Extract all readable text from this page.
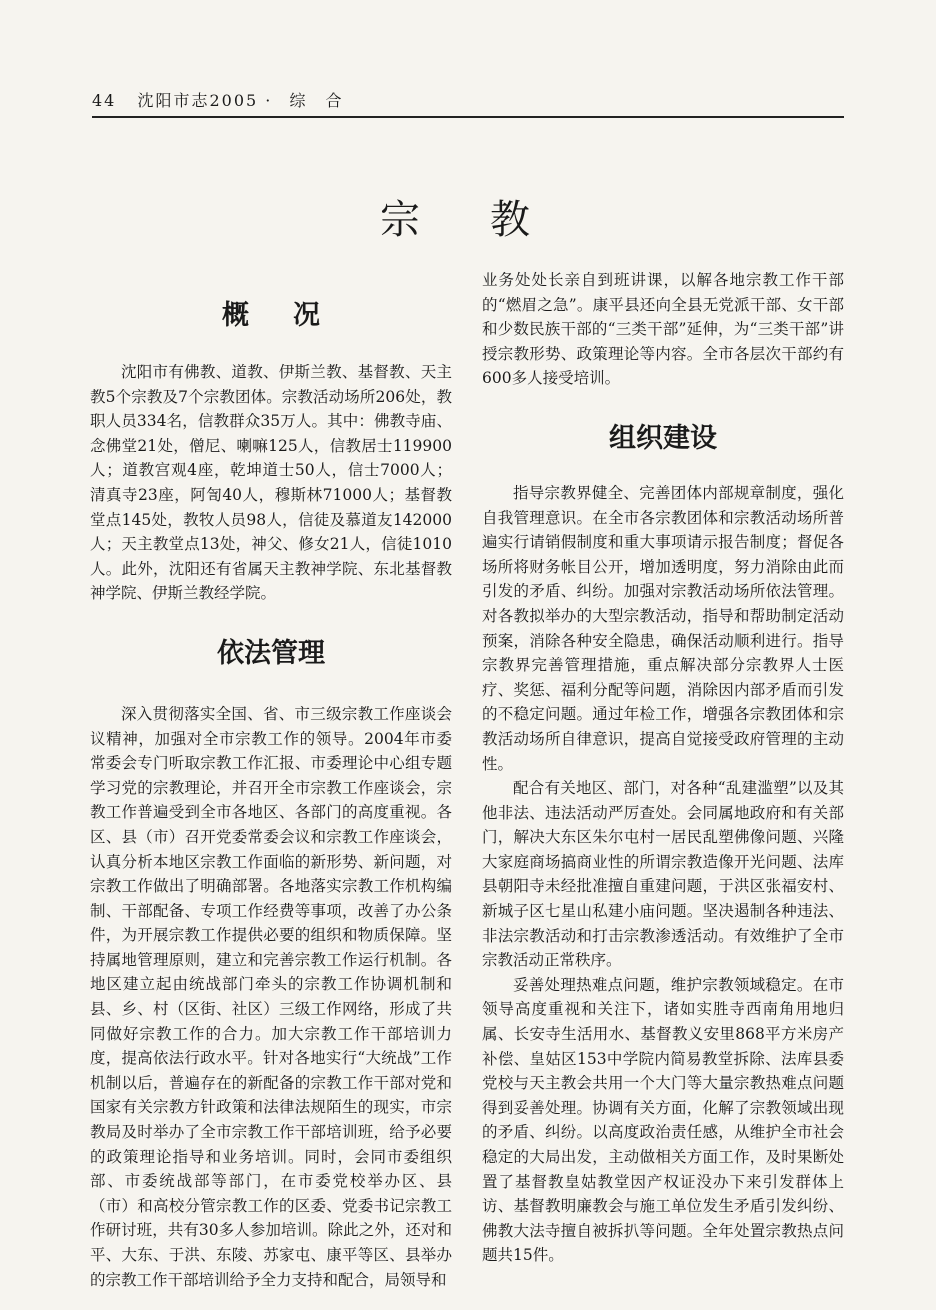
44 沈阳市志2005 · 综　合
宗教
概况

沈阳市有佛教、道教、伊斯兰教、基督教、天主教5个宗教及7个宗教团体。宗教活动场所206处，教职人员334名，信教群众35万人。其中：佛教寺庙、念佛堂21处，僧尼、喇嘛125人，信教居士119900人；道教宫观4座，乾坤道士50人，信士7000人；清真寺23座，阿訇40人，穆斯林71000人；基督教堂点145处，教牧人员98人，信徒及慕道友142000人；天主教堂点13处，神父、修女21人，信徒1010人。此外，沈阳还有省属天主教神学院、东北基督教神学院、伊斯兰教经学院。

依法管理

深入贯彻落实全国、省、市三级宗教工作座谈会议精神，加强对全市宗教工作的领导。2004年市委常委会专门听取宗教工作汇报、市委理论中心组专题学习党的宗教理论，并召开全市宗教工作座谈会，宗教工作普遍受到全市各地区、各部门的高度重视。各区、县（市）召开党委常委会议和宗教工作座谈会，认真分析本地区宗教工作面临的新形势、新问题，对宗教工作做出了明确部署。各地落实宗教工作机构编制、干部配备、专项工作经费等事项，改善了办公条件，为开展宗教工作提供必要的组织和物质保障。坚持属地管理原则，建立和完善宗教工作运行机制。各地区建立起由统战部门牵头的宗教工作协调机制和县、乡、村（区街、社区）三级工作网络，形成了共同做好宗教工作的合力。加大宗教工作干部培训力度，提高依法行政水平。针对各地实行“大统战”工作机制以后，普遍存在的新配备的宗教工作干部对党和国家有关宗教方针政策和法律法规陌生的现实，市宗教局及时举办了全市宗教工作干部培训班，给予必要的政策理论指导和业务培训。同时，会同市委组织部、市委统战部等部门，在市委党校举办区、县（市）和高校分管宗教工作的区委、党委书记宗教工作研讨班，共有30多人参加培训。除此之外，还对和平、大东、于洪、东陵、苏家屯、康平等区、县举办的宗教工作干部培训给予全力支持和配合，局领导和

业务处处长亲自到班讲课，以解各地宗教工作干部的“燃眉之急”。康平县还向全县无党派干部、女干部和少数民族干部的“三类干部”延伸，为“三类干部”讲授宗教形势、政策理论等内容。全市各层次干部约有600多人接受培训。

组织建设

指导宗教界健全、完善团体内部规章制度，强化自我管理意识。在全市各宗教团体和宗教活动场所普遍实行请销假制度和重大事项请示报告制度；督促各场所将财务帐目公开，增加透明度，努力消除由此而引发的矛盾、纠纷。加强对宗教活动场所依法管理。对各教拟举办的大型宗教活动，指导和帮助制定活动预案，消除各种安全隐患，确保活动顺利进行。指导宗教界完善管理措施，重点解决部分宗教界人士医疗、奖惩、福利分配等问题，消除因内部矛盾而引发的不稳定问题。通过年检工作，增强各宗教团体和宗教活动场所自律意识，提高自觉接受政府管理的主动性。

配合有关地区、部门，对各种“乱建滥塑”以及其他非法、违法活动严厉查处。会同属地政府和有关部门，解决大东区朱尔屯村一居民乱塑佛像问题、兴隆大家庭商场搞商业性的所谓宗教造像开光问题、法库县朝阳寺未经批准擅自重建问题，于洪区张福安村、新城子区七星山私建小庙问题。坚决遏制各种违法、非法宗教活动和打击宗教渗透活动。有效维护了全市宗教活动正常秩序。

妥善处理热难点问题，维护宗教领域稳定。在市领导高度重视和关注下，诸如实胜寺西南角用地归属、长安寺生活用水、基督教义安里868平方米房产补偿、皇姑区153中学院内简易教堂拆除、法库县委党校与天主教会共用一个大门等大量宗教热难点问题得到妥善处理。协调有关方面，化解了宗教领域出现的矛盾、纠纷。以高度政治责任感，从维护全市社会稳定的大局出发，主动做相关方面工作，及时果断处置了基督教皇姑教堂因产权证没办下来引发群体上访、基督教明廉教会与施工单位发生矛盾引发纠纷、佛教大法寺擅自被拆扒等问题。全年处置宗教热点问题共15件。
